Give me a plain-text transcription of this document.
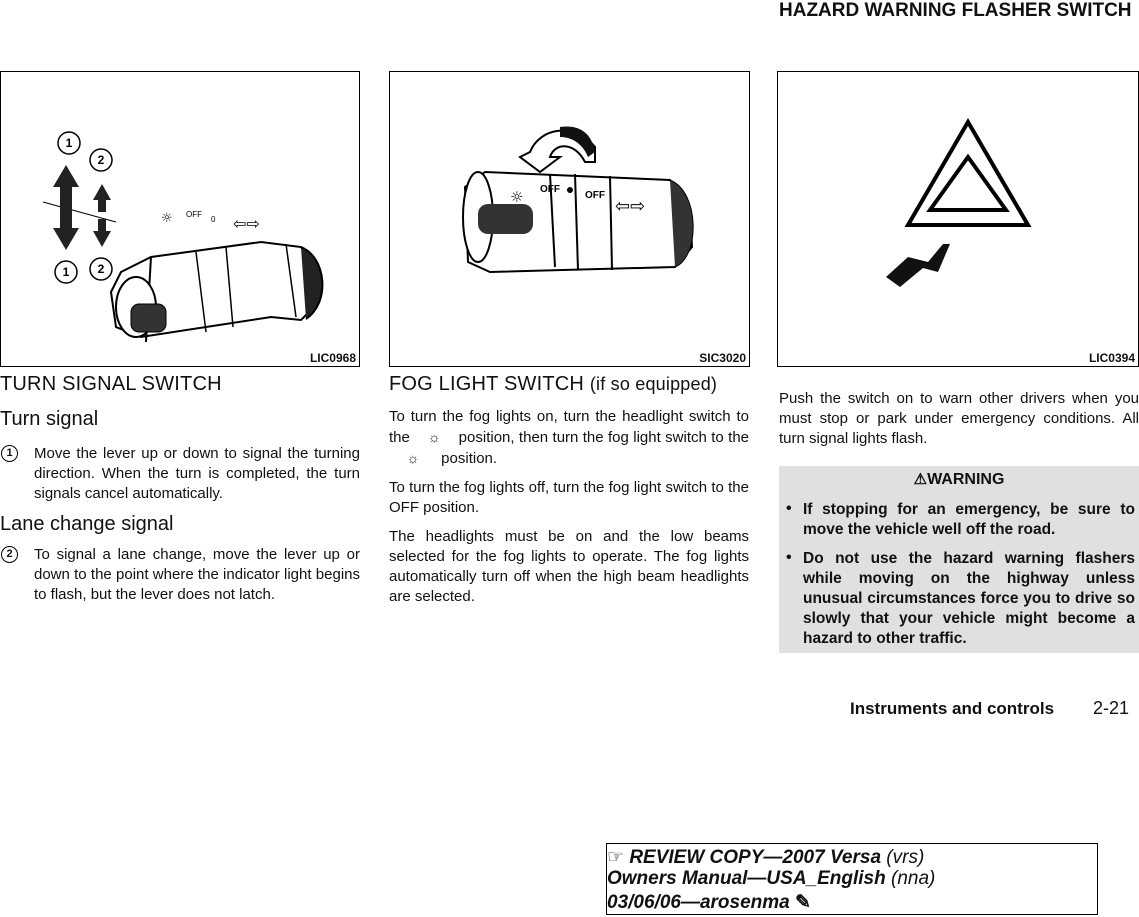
HAZARD WARNING FLASHER SWITCH
OFF
0
☼	⇦⇨
1
2
1 2
LIC0968
OFF
OFF
☼	⇦⇨
SIC3020	LIC0394
TURN SIGNAL SWITCH
Turn signal
1	Move the lever up or down to signal the turning direction. When the turn is completed, the turn signals cancel automatically.
Lane change signal
2	To signal a lane change, move the lever up or down to the point where the indicator light begins to flash, but the lever does not latch.
FOG LIGHT SWITCH (if so equipped)
To turn the fog lights on, turn the headlight switch to the ☼ position, then turn the fog light switch to the ☼ position.
To turn the fog lights off, turn the fog light switch to the OFF position.
The headlights must be on and the low beams selected for the fog lights to operate. The fog lights automatically turn off when the high beam headlights are selected.
Push the switch on to warn other drivers when you must stop or park under emergency conditions. All turn signal lights flash.
⚠WARNING
• If stopping for an emergency, be sure to move the vehicle well off the road.
• Do not use the hazard warning flashers while moving on the highway unless unusual circumstances force you to drive so slowly that your vehicle might become a hazard to other traffic.
Instruments and controls 2-21
☞ REVIEW COPY—2007 Versa (vrs)
Owners Manual—USA_English (nna)
03/06/06—arosenma ✎
